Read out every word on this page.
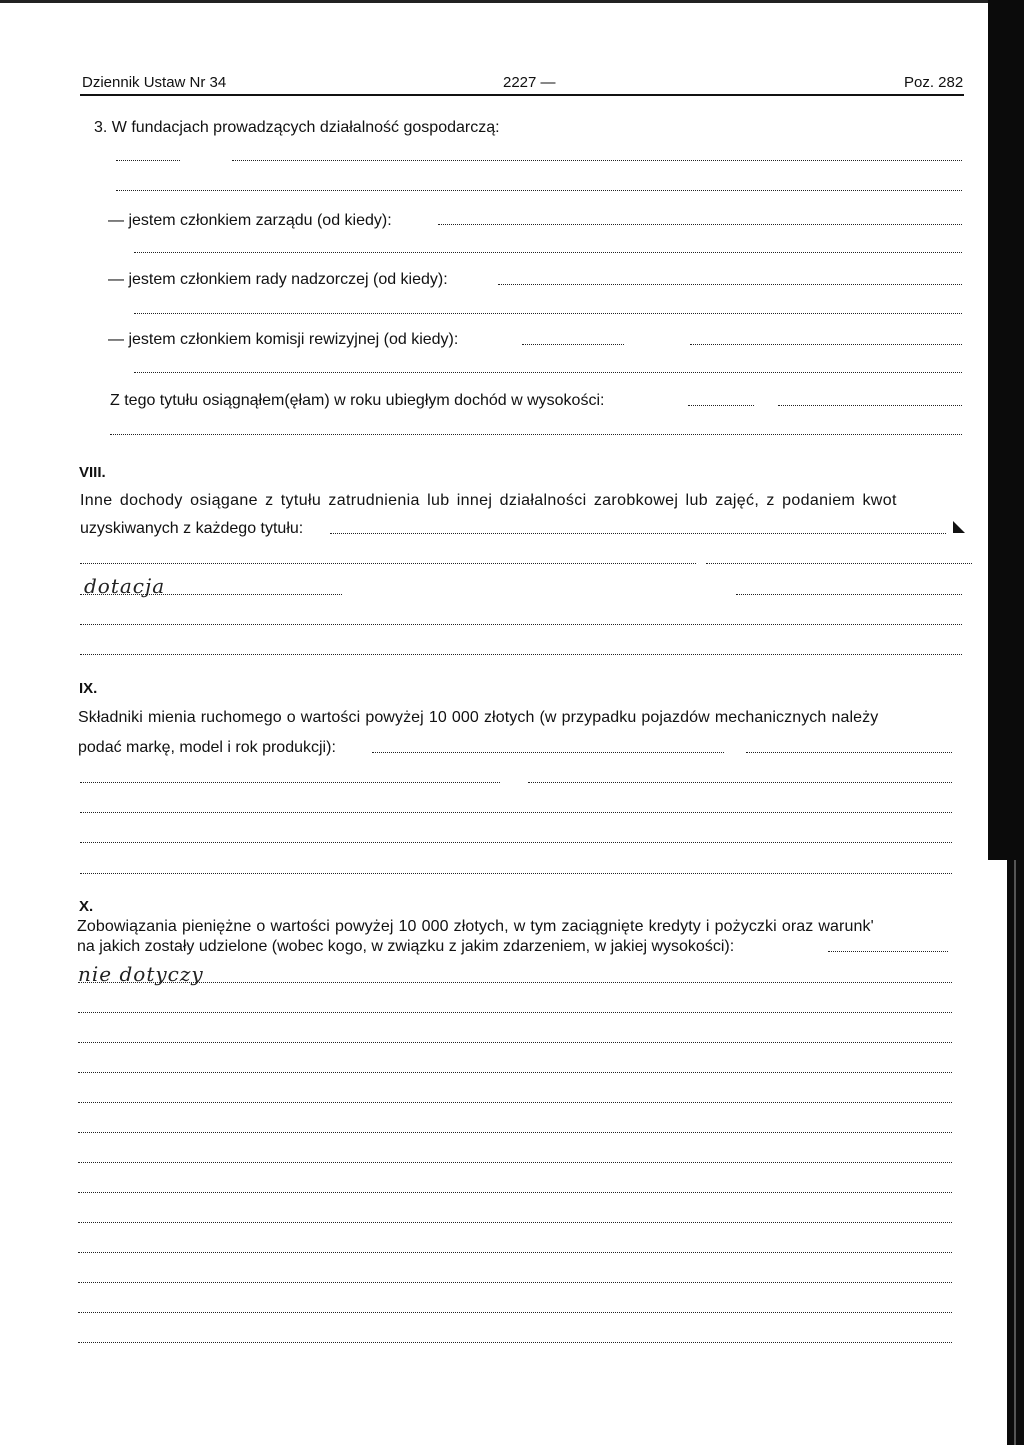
Dziennik Ustaw Nr 34	2227 —	Poz. 282
3. W fundacjach prowadzących działalność gospodarczą:
— jestem członkiem zarządu (od kiedy):
— jestem członkiem rady nadzorczej (od kiedy):
— jestem członkiem komisji rewizyjnej (od kiedy):
Z tego tytułu osiągnąłem(ęłam) w roku ubiegłym dochód w wysokości:
VIII.
Inne dochody osiągane z tytułu zatrudnienia lub innej działalności zarobkowej lub zajęć, z podaniem kwot
uzyskiwanych z każdego tytułu:
dotacja
IX.
Składniki mienia ruchomego o wartości powyżej 10 000 złotych (w przypadku pojazdów mechanicznych należy
podać markę, model i rok produkcji):
X.
Zobowiązania pieniężne o wartości powyżej 10 000 złotych, w tym zaciągnięte kredyty i pożyczki oraz warunk'
na jakich zostały udzielone (wobec kogo, w związku z jakim zdarzeniem, w jakiej wysokości):
nie dotyczy
